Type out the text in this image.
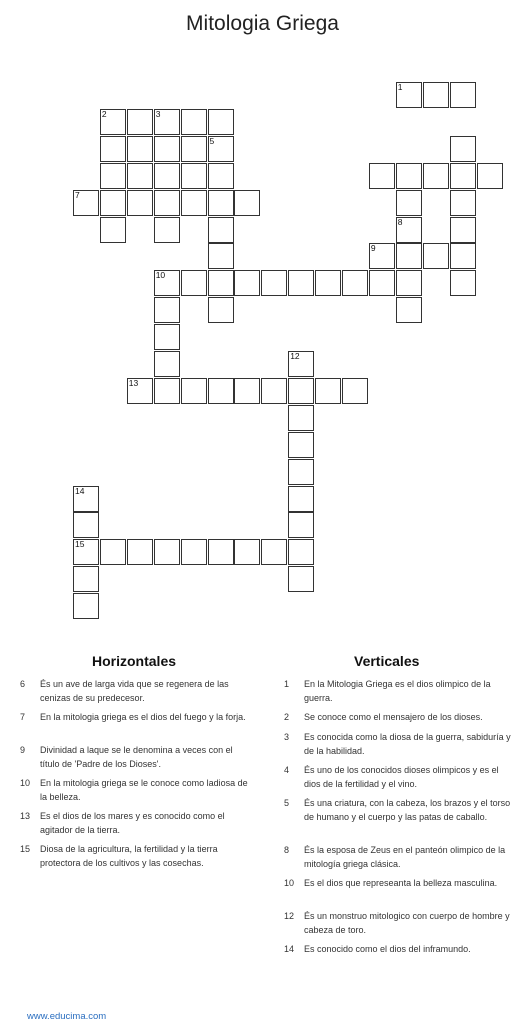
Mitologia Griega
1
2	3
5
7
10
12
13
14
15
8
9
Horizontales	Verticales
6	És un ave de larga vida que se regenera de las cenizas de su predecesor.
7	En la mitologia griega es el dios del fuego y la forja.
9	Divinidad a laque se le denomina a veces con el título de 'Padre de los Dioses'.
10	En la mitologia griega se le conoce como ladiosa de la belleza.
13	Es el dios de los mares y es conocido como el agitador de la tierra.
15	Diosa de la agricultura, la fertilidad y la tierra protectora de los cultivos y las cosechas.
1	En la Mitologia Griega es el dios olimpico de la guerra.
2	Se conoce como el mensajero de los dioses.
3	Es conocida como la diosa de la guerra, sabiduría y de la habilidad.
4	És uno de los conocidos dioses olimpicos y es el dios de la fertilidad y el vino.
5	És una criatura, con la cabeza, los brazos y el torso de humano y el cuerpo y las patas de caballo.
8	És la esposa de Zeus en el panteón olimpico de la mitología griega clásica.
10	Es el dios que represeanta la belleza masculina.
12	És un monstruo mitologico con cuerpo de hombre y cabeza de toro.
14	Es conocido como el dios del inframundo.
www.educima.com
